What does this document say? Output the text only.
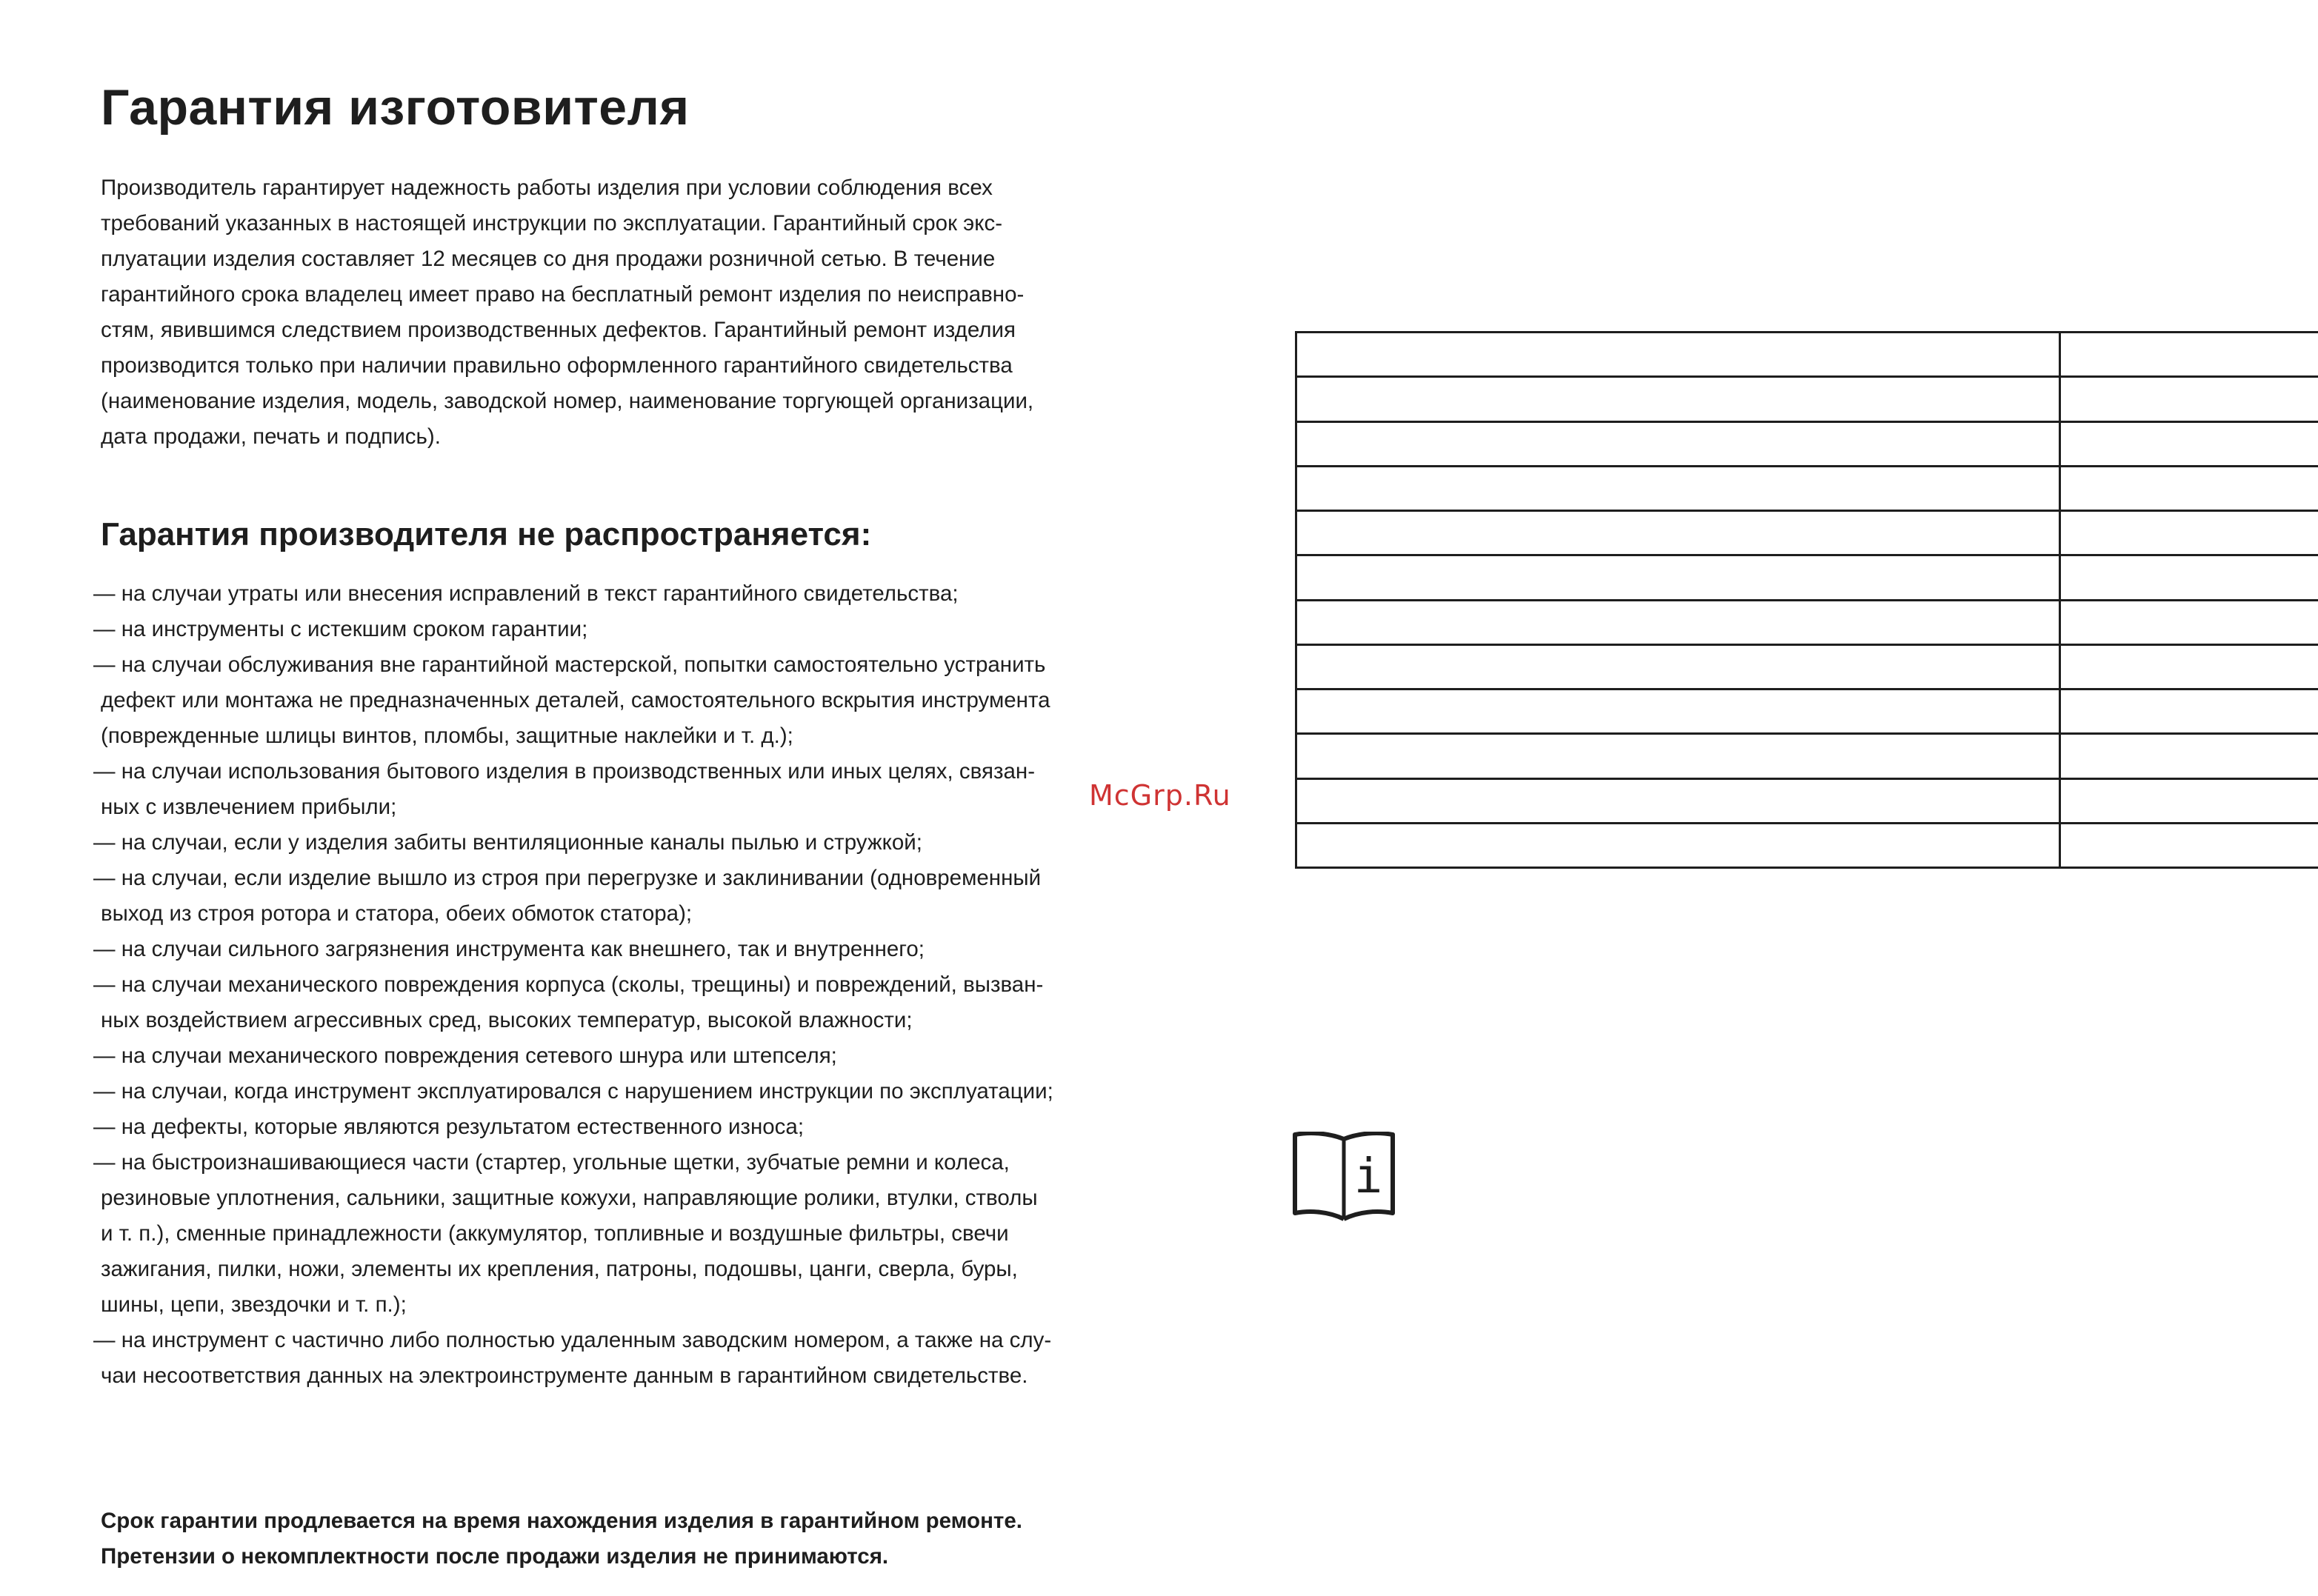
Гарантия изготовителя
Производитель гарантирует надежность работы изделия при условии соблюдения всех
требований указанных в настоящей инструкции по эксплуатации. Гарантийный срок экс-
плуатации изделия составляет 12 месяцев со дня продажи розничной сетью. В течение
гарантийного срока владелец имеет право на бесплатный ремонт изделия по неисправно-
стям, явившимся следствием производственных дефектов. Гарантийный ремонт изделия
производится только при наличии правильно оформленного гарантийного свидетельства
(наименование изделия, модель, заводской номер, наименование торгующей организации,
дата продажи, печать и подпись).
Гарантия производителя не распространяется:
— на случаи утраты или внесения исправлений в текст гарантийного свидетельства;
— на инструменты с истекшим сроком гарантии;
— на случаи обслуживания вне гарантийной мастерской, попытки самостоятельно устранить
дефект или монтажа не предназначенных деталей, самостоятельного вскрытия инструмента
(поврежденные шлицы винтов, пломбы, защитные наклейки и т. д.);
— на случаи использования бытового изделия в производственных или иных целях, связан-
ных с извлечением прибыли;
— на случаи, если у изделия забиты вентиляционные каналы пылью и стружкой;
— на случаи, если изделие вышло из строя при перегрузке и заклинивании (одновременный
выход из строя ротора и статора, обеих обмоток статора);
— на случаи сильного загрязнения инструмента как внешнего, так и внутреннего;
— на случаи механического повреждения корпуса (сколы, трещины) и повреждений, вызван-
ных воздействием агрессивных сред, высоких температур, высокой влажности;
— на случаи механического повреждения сетевого шнура или штепселя;
— на случаи, когда инструмент эксплуатировался с нарушением инструкции по эксплуатации;
— на дефекты, которые являются результатом естественного износа;
— на быстроизнашивающиеся части (стартер, угольные щетки, зубчатые ремни и колеса,
резиновые уплотнения, сальники, защитные кожухи, направляющие ролики, втулки, стволы
и т. п.), сменные принадлежности (аккумулятор, топливные и воздушные фильтры, свечи
зажигания, пилки, ножи, элементы их крепления, патроны, подошвы, цанги, сверла, буры,
шины, цепи, звездочки и т. п.);
— на инструмент с частично либо полностью удаленным заводским номером, а также на слу-
чаи несоответствия данных на электроинструменте данным в гарантийном свидетельстве.
Срок гарантии продлевается на время нахождения изделия в гарантийном ремонте.
Претензии о некомплектности после продажи изделия не принимаются.
McGrp.Ru

i
